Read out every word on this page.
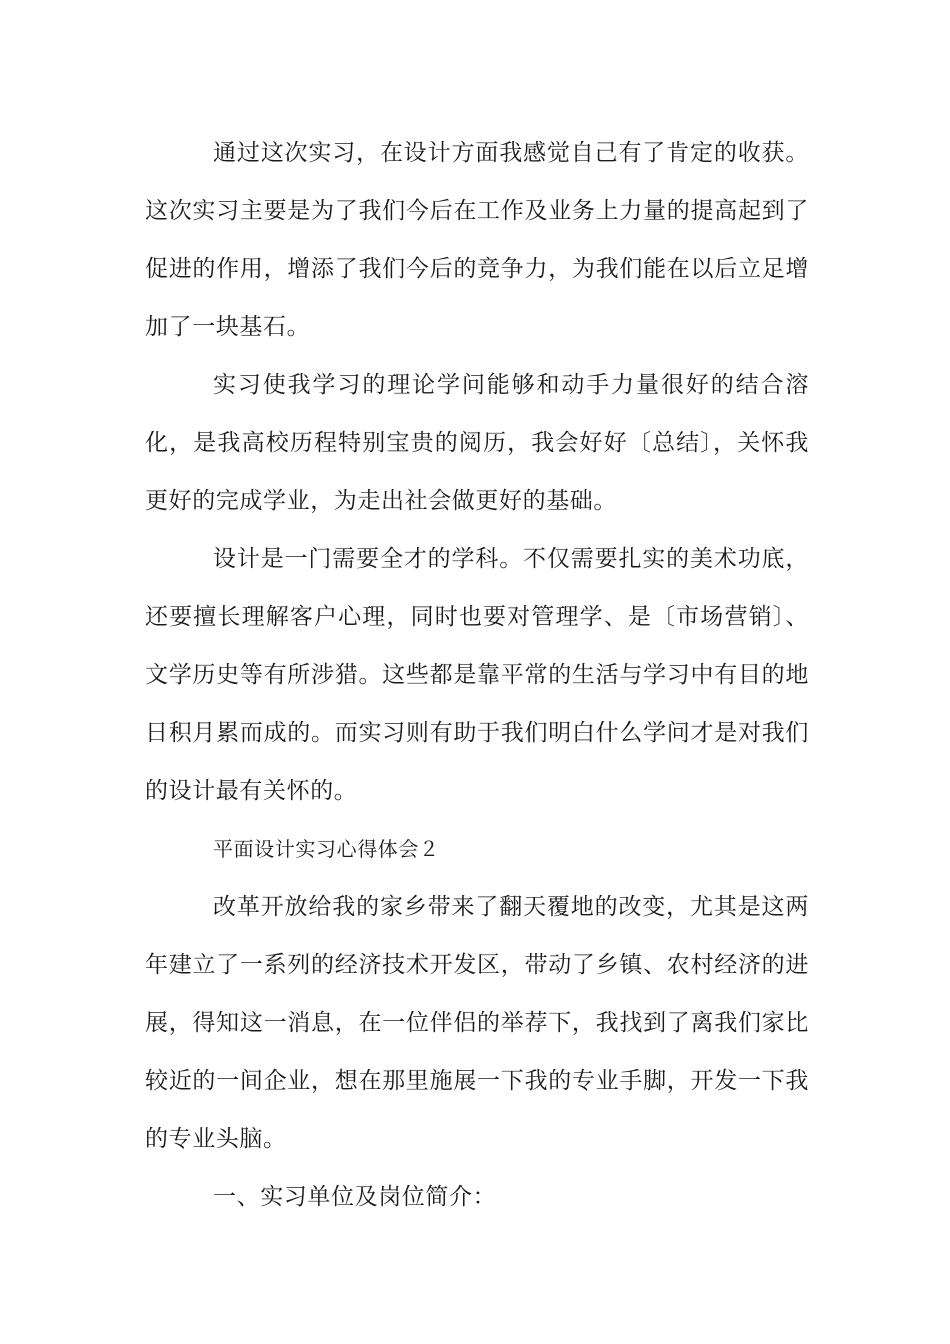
通过这次实习，在设计方面我感觉自己有了肯定的收获。这次实习主要是为了我们今后在工作及业务上力量的提高起到了促进的作用，增添了我们今后的竞争力，为我们能在以后立足增加了一块基石。

实习使我学习的理论学问能够和动手力量很好的结合溶化，是我高校历程特别宝贵的阅历，我会好好〔总结〕，关怀我更好的完成学业，为走出社会做更好的基础。

设计是一门需要全才的学科。不仅需要扎实的美术功底，还要擅长理解客户心理，同时也要对管理学、是〔市场营销〕、文学历史等有所涉猎。这些都是靠平常的生活与学习中有目的地日积月累而成的。而实习则有助于我们明白什么学问才是对我们的设计最有关怀的。

平面设计实习心得体会２

改革开放给我的家乡带来了翻天覆地的改变，尤其是这两年建立了一系列的经济技术开发区，带动了乡镇、农村经济的进展，得知这一消息，在一位伴侣的举荐下，我找到了离我们家比较近的一间企业，想在那里施展一下我的专业手脚，开发一下我的专业头脑。

一、实习单位及岗位简介：
